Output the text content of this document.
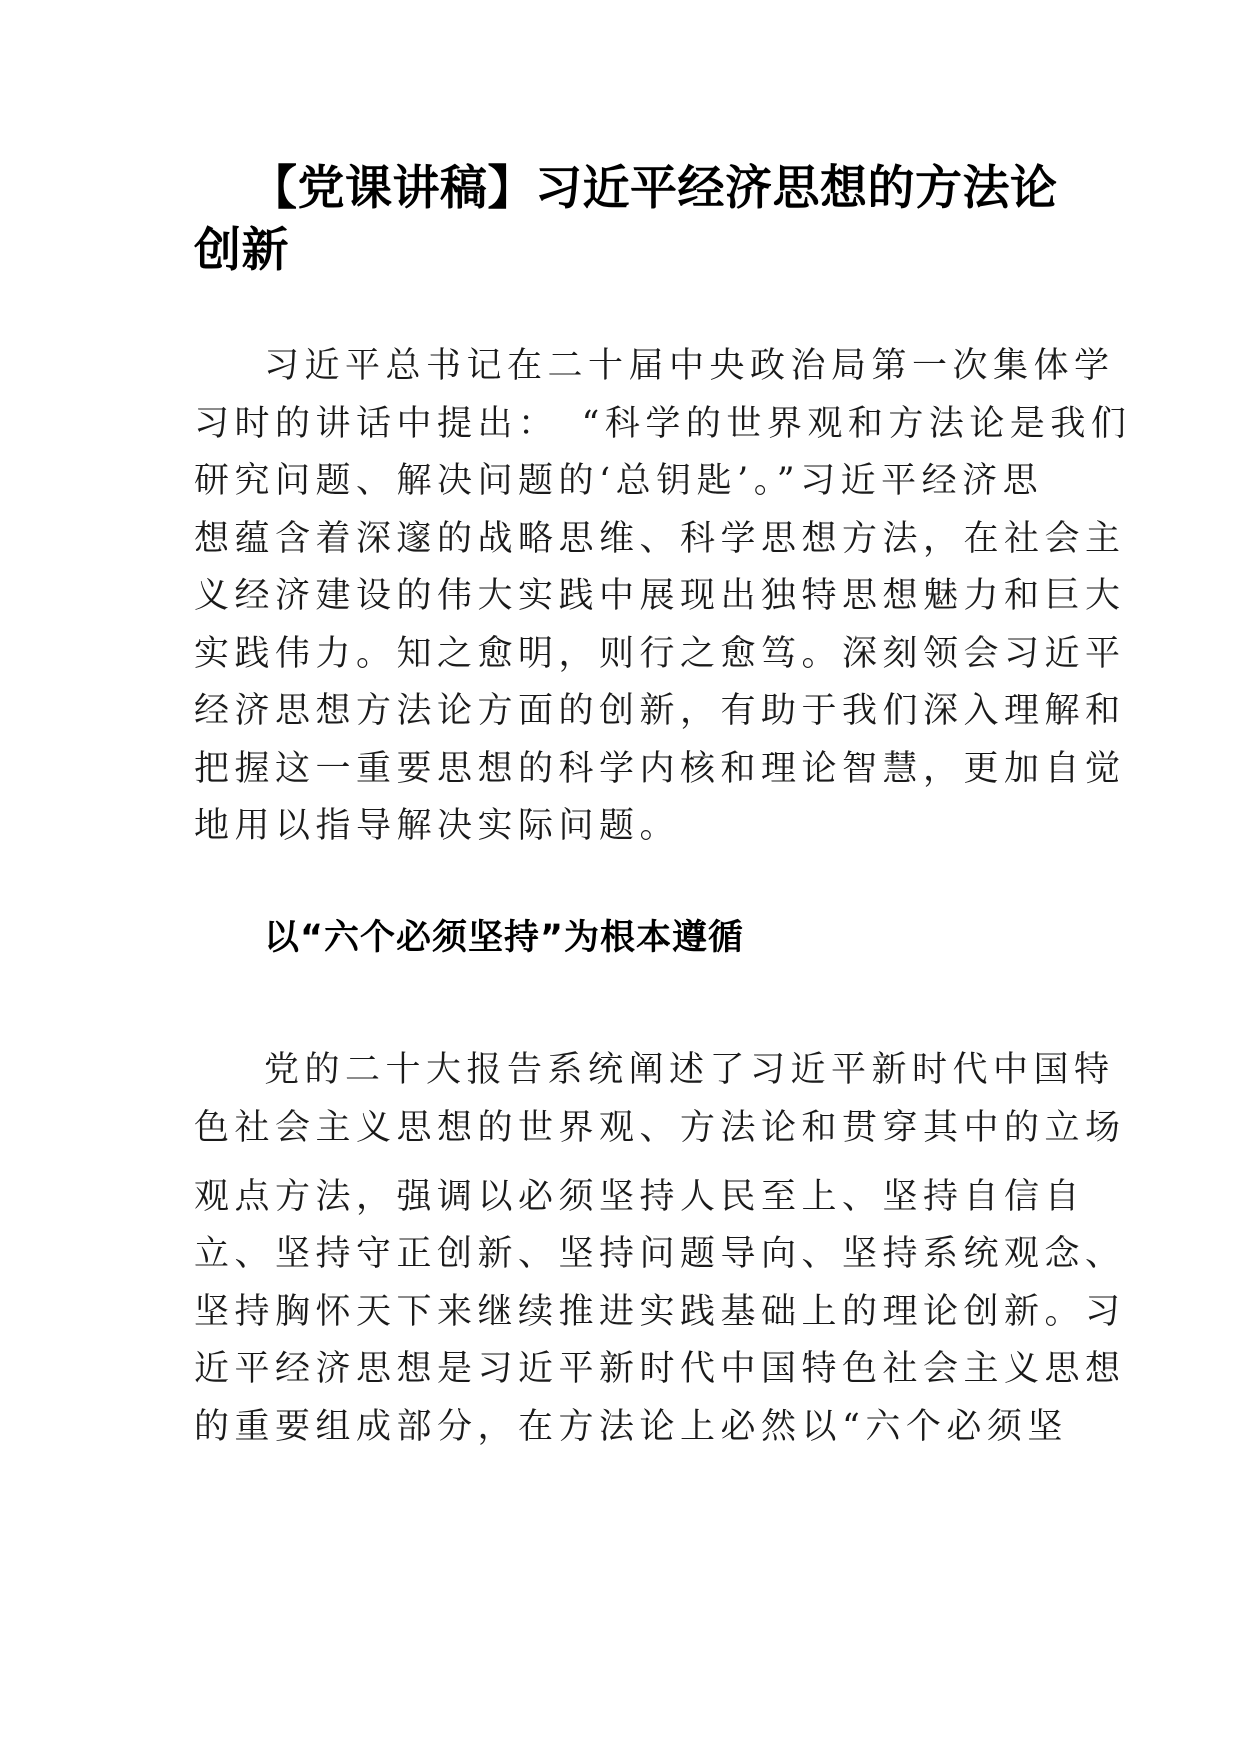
【党课讲稿】习近平经济思想的方法论创新
习近平总书记在二十届中央政治局第一次集体学
习时的讲话中提出：　“科学的世界观和方法论是我们
研究问题、解决问题的‘总钥匙’。”习近平经济思
想蕴含着深邃的战略思维、科学思想方法，在社会主
义经济建设的伟大实践中展现出独特思想魅力和巨大
实践伟力。知之愈明，则行之愈笃。深刻领会习近平
经济思想方法论方面的创新，有助于我们深入理解和
把握这一重要思想的科学内核和理论智慧，更加自觉
地用以指导解决实际问题。
以“六个必须坚持”为根本遵循
党的二十大报告系统阐述了习近平新时代中国特
色社会主义思想的世界观、方法论和贯穿其中的立场
观点方法，强调以必须坚持人民至上、坚持自信自
立、坚持守正创新、坚持问题导向、坚持系统观念、
坚持胸怀天下来继续推进实践基础上的理论创新。习
近平经济思想是习近平新时代中国特色社会主义思想
的重要组成部分，在方法论上必然以“六个必须坚
